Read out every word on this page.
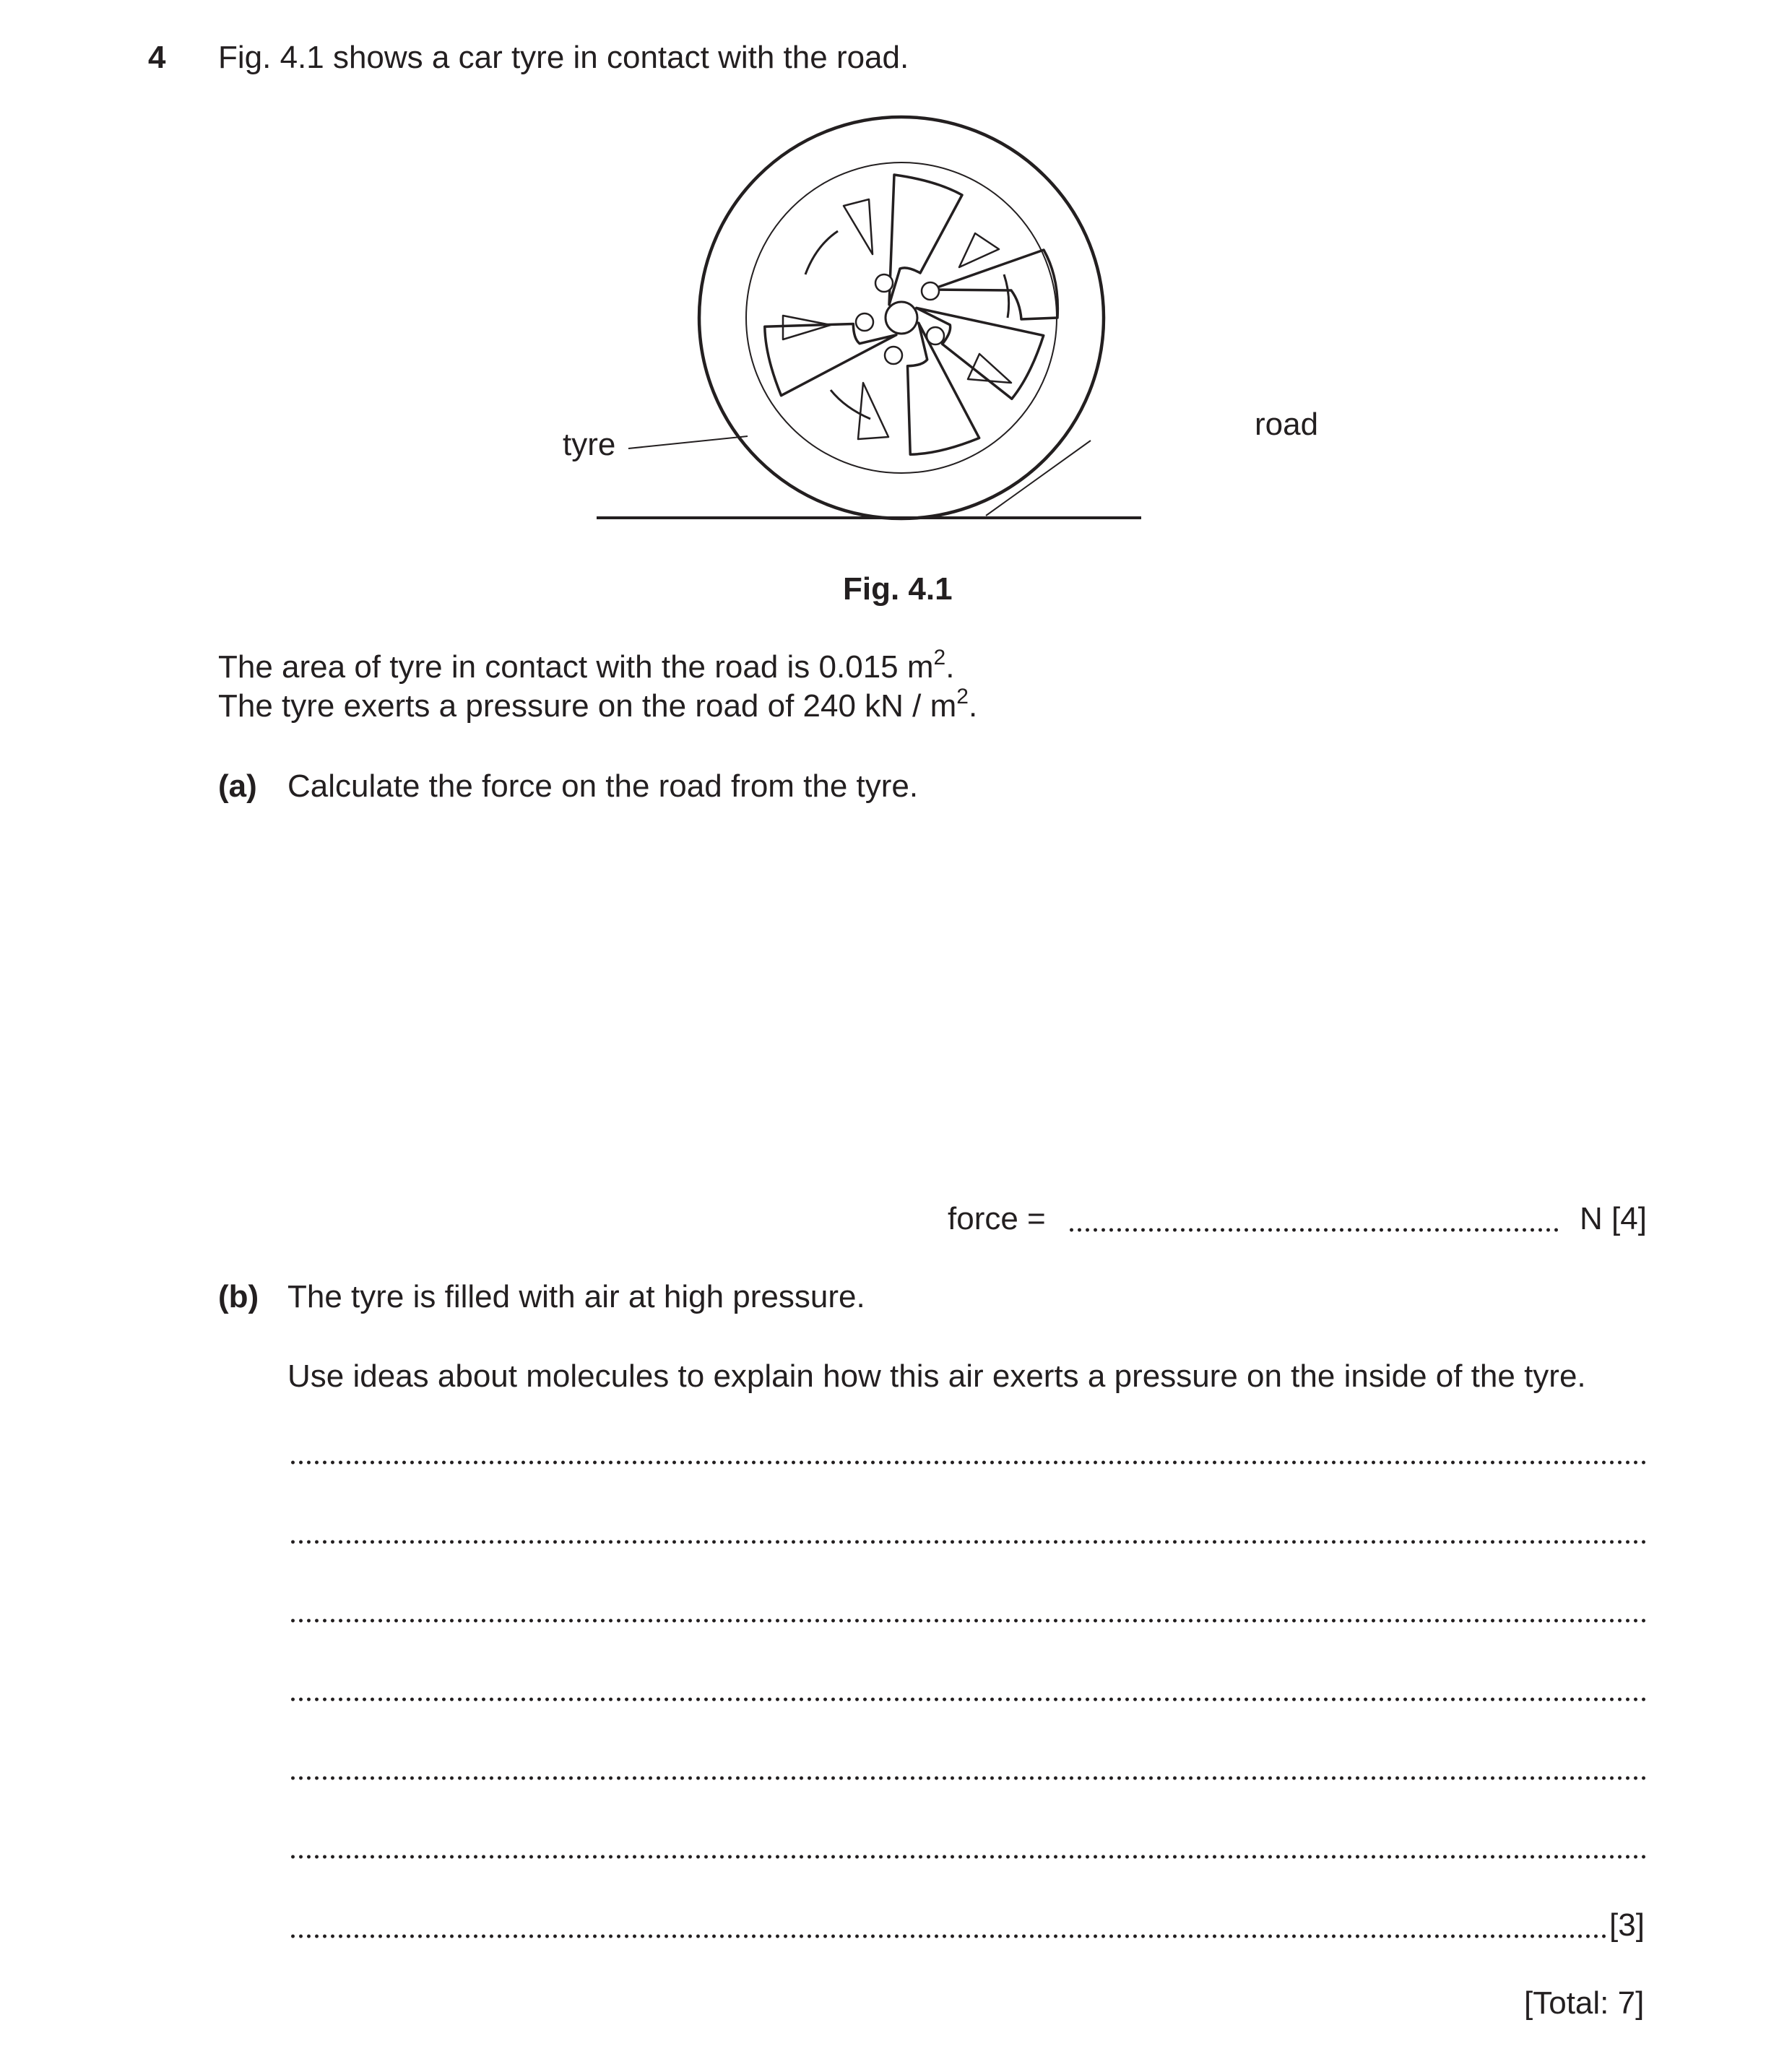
4 Fig. 4.1 shows a car tyre in contact with the road.
tyre
road
Fig. 4.1
The area of tyre in contact with the road is 0.015 $m^2$.
The tyre exerts a pressure on the road of 240 kN / $m^2$.
(a) Calculate the force on the road from the tyre.
force =	N [4]
(b) The tyre is filled with air at high pressure.
Use ideas about molecules to explain how this air exerts a pressure on the inside of the tyre.
[3]
[Total: 7]
